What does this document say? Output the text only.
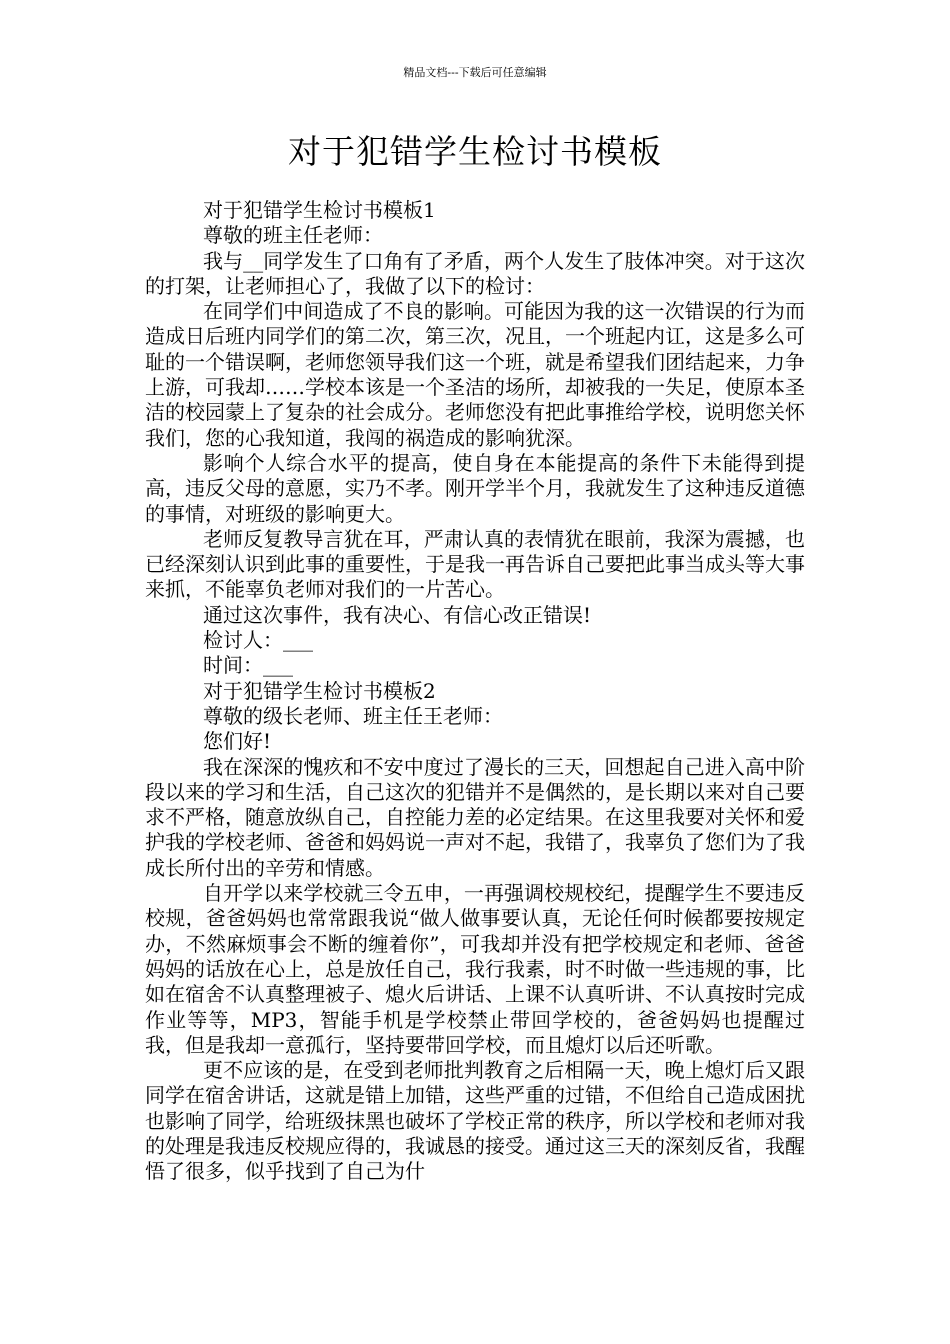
精品文档---下载后可任意编辑
对于犯错学生检讨书模板

对于犯错学生检讨书模板1

尊敬的班主任老师：

我与__同学发生了口角有了矛盾，两个人发生了肢体冲突。对于这次的打架，让老师担心了，我做了以下的检讨：

在同学们中间造成了不良的影响。可能因为我的这一次错误的行为而造成日后班内同学们的第二次，第三次，况且，一个班起内讧，这是多么可耻的一个错误啊，老师您领导我们这一个班，就是希望我们团结起来，力争上游，可我却……学校本该是一个圣洁的场所，却被我的一失足，使原本圣洁的校园蒙上了复杂的社会成分。老师您没有把此事推给学校，说明您关怀我们，您的心我知道，我闯的祸造成的影响犹深。

影响个人综合水平的提高，使自身在本能提高的条件下未能得到提高，违反父母的意愿，实乃不孝。刚开学半个月，我就发生了这种违反道德的事情，对班级的影响更大。

老师反复教导言犹在耳，严肃认真的表情犹在眼前，我深为震撼，也已经深刻认识到此事的重要性，于是我一再告诉自己要把此事当成头等大事来抓，不能辜负老师对我们的一片苦心。

通过这次事件，我有决心、有信心改正错误!

检讨人：___

时间：___

对于犯错学生检讨书模板2

尊敬的级长老师、班主任王老师：

您们好!

我在深深的愧疚和不安中度过了漫长的三天，回想起自己进入高中阶段以来的学习和生活，自己这次的犯错并不是偶然的，是长期以来对自己要求不严格，随意放纵自己，自控能力差的必定结果。在这里我要对关怀和爱护我的学校老师、爸爸和妈妈说一声对不起，我错了，我辜负了您们为了我成长所付出的辛劳和情感。

自开学以来学校就三令五申，一再强调校规校纪，提醒学生不要违反校规，爸爸妈妈也常常跟我说“做人做事要认真，无论任何时候都要按规定办，不然麻烦事会不断的缠着你”，可我却并没有把学校规定和老师、爸爸妈妈的话放在心上，总是放任自己，我行我素，时不时做一些违规的事，比如在宿舍不认真整理被子、熄火后讲话、上课不认真听讲、不认真按时完成作业等等，MP3，智能手机是学校禁止带回学校的，爸爸妈妈也提醒过我，但是我却一意孤行，坚持要带回学校，而且熄灯以后还听歌。

更不应该的是，在受到老师批判教育之后相隔一天，晚上熄灯后又跟同学在宿舍讲话，这就是错上加错，这些严重的过错，不但给自己造成困扰也影响了同学，给班级抹黑也破坏了学校正常的秩序，所以学校和老师对我的处理是我违反校规应得的，我诚恳的接受。通过这三天的深刻反省，我醒悟了很多，似乎找到了自己为什
